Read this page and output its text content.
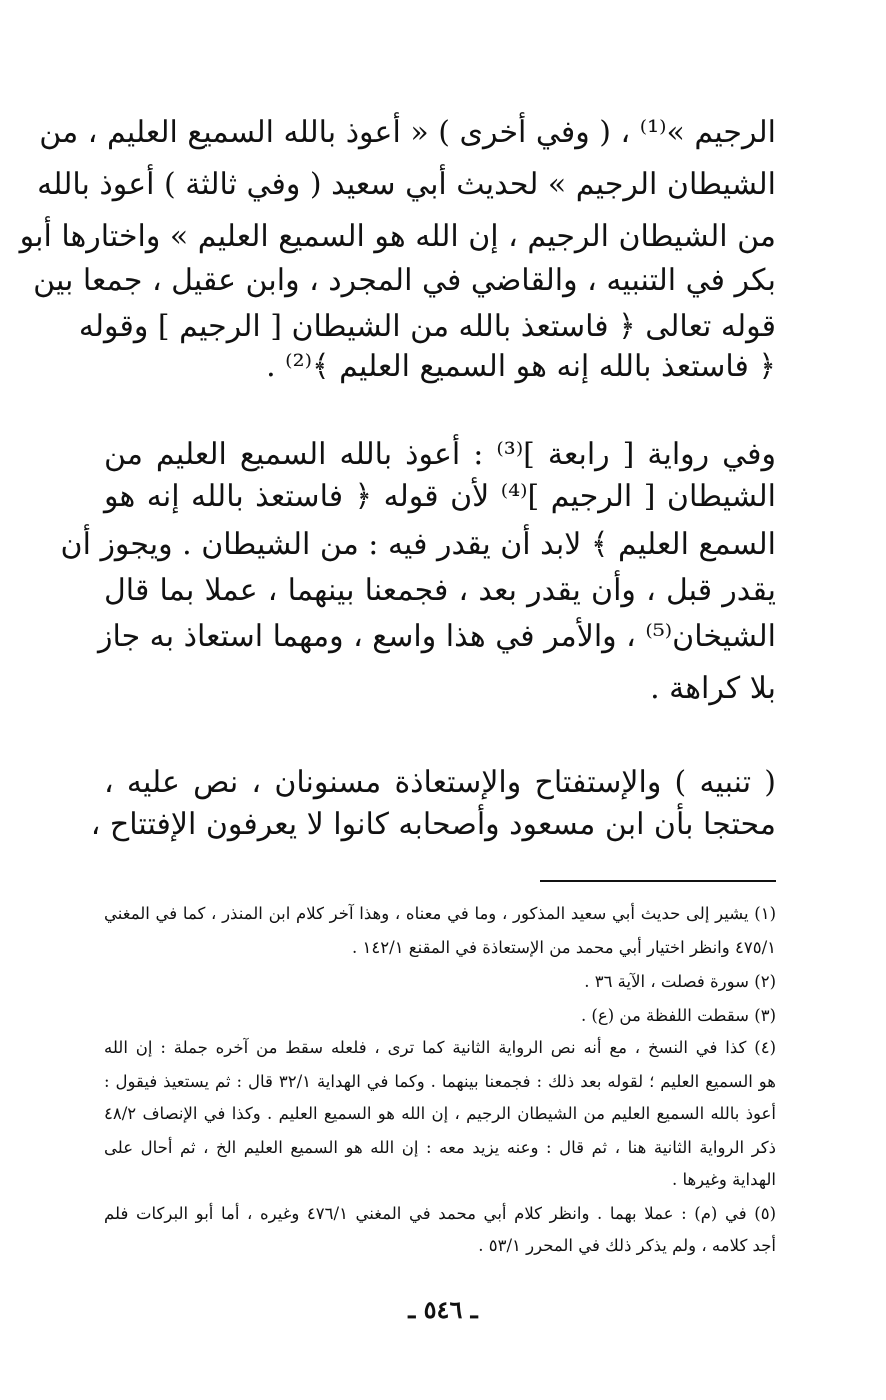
الرجيم »⁽¹⁾ ، ( وفي أخرى ) « أعوذ بالله السميع العليم ، من
الشيطان الرجيم » لحديث أبي سعيد ( وفي ثالثة ) أعوذ بالله
من الشيطان الرجيم ، إن الله هو السميع العليم » واختارها أبو
بكر في التنبيه ، والقاضي في المجرد ، وابن عقيل ، جمعا بين
قوله تعالى ﴿ فاستعذ بالله من الشيطان [ الرجيم ] وقوله
﴿ فاستعذ بالله إنه هو السميع العليم ﴾⁽²⁾ .
وفي رواية [ رابعة ]⁽³⁾ : أعوذ بالله السميع العليم من
الشيطان [ الرجيم ]⁽⁴⁾ لأن قوله ﴿ فاستعذ بالله إنه هو
السمع العليم ﴾ لابد أن يقدر فيه : من الشيطان . ويجوز أن
يقدر قبل ، وأن يقدر بعد ، فجمعنا بينهما ، عملا بما قال
الشيخان⁽⁵⁾ ، والأمر في هذا واسع ، ومهما استعاذ به جاز
بلا كراهة .
( تنبيه ) والإستفتاح والإستعاذة مسنونان ، نص عليه ،
محتجا بأن ابن مسعود وأصحابه كانوا لا يعرفون الإفتتاح ،
(١) يشير إلى حديث أبي سعيد المذكور ، وما في معناه ، وهذا آخر كلام ابن المنذر ، كما في المغني
٤٧٥/١ وانظر اختيار أبي محمد من الإستعاذة في المقنع ١٤٢/١ .
(٢) سورة فصلت ، الآية ٣٦ .
(٣) سقطت اللفظة من (ع) .
(٤) كذا في النسخ ، مع أنه نص الرواية الثانية كما ترى ، فلعله سقط من آخره جملة : إن الله
هو السميع العليم ؛ لقوله بعد ذلك : فجمعنا بينهما . وكما في الهداية ٣٢/١ قال : ثم يستعيذ فيقول :
أعوذ بالله السميع العليم من الشيطان الرجيم ، إن الله هو السميع العليم . وكذا في الإنصاف ٤٨/٢
ذكر الرواية الثانية هنا ، ثم قال : وعنه يزيد معه : إن الله هو السميع العليم الخ ، ثم أحال على
الهداية وغيرها .
(٥) في (م) : عملا بهما . وانظر كلام أبي محمد في المغني ٤٧٦/١ وغيره ، أما أبو البركات فلم
أجد كلامه ، ولم يذكر ذلك في المحرر ٥٣/١ .
ـ ٥٤٦ ـ
